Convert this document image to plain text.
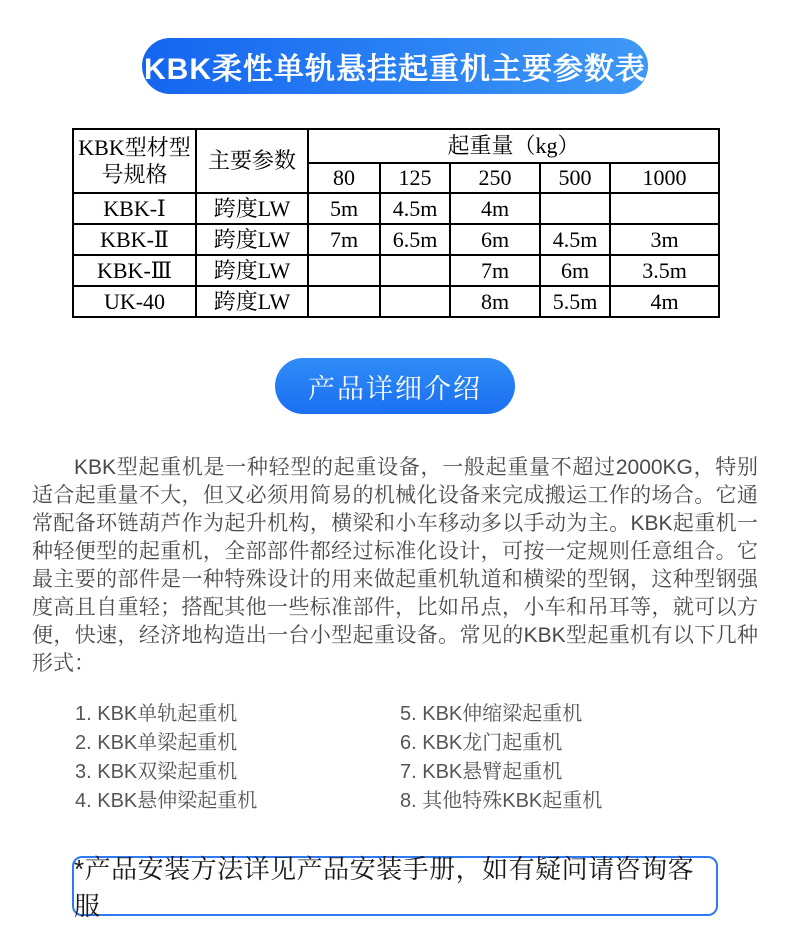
KBK柔性单轨悬挂起重机主要参数表
KBK型材型号规格	主要参数	起重量（kg）				
		80	125	250	500	1000
KBK-Ⅰ	跨度LW	5m	4.5m	4m		
KBK-Ⅱ	跨度LW	7m	6.5m	6m	4.5m	3m
KBK-Ⅲ	跨度LW			7m	6m	3.5m
UK-40	跨度LW			8m	5.5m	4m
产品详细介绍

KBK型起重机是一种轻型的起重设备，一般起重量不超过2000KG，特别适合起重量不大，但又必须用简易的机械化设备来完成搬运工作的场合。它通常配备环链葫芦作为起升机构，横梁和小车移动多以手动为主。KBK起重机一种轻便型的起重机，全部部件都经过标准化设计，可按一定规则任意组合。它最主要的部件是一种特殊设计的用来做起重机轨道和横梁的型钢，这种型钢强度高且自重轻；搭配其他一些标准部件，比如吊点，小车和吊耳等，就可以方便，快速，经济地构造出一台小型起重设备。常见的KBK型起重机有以下几种形式：

1. KBK单轨起重机
2. KBK单梁起重机
3. KBK双梁起重机
4. KBK悬伸梁起重机
5. KBK伸缩梁起重机
6. KBK龙门起重机
7. KBK悬臂起重机
8. 其他特殊KBK起重机
*产品安装方法详见产品安装手册，如有疑问请咨询客服
